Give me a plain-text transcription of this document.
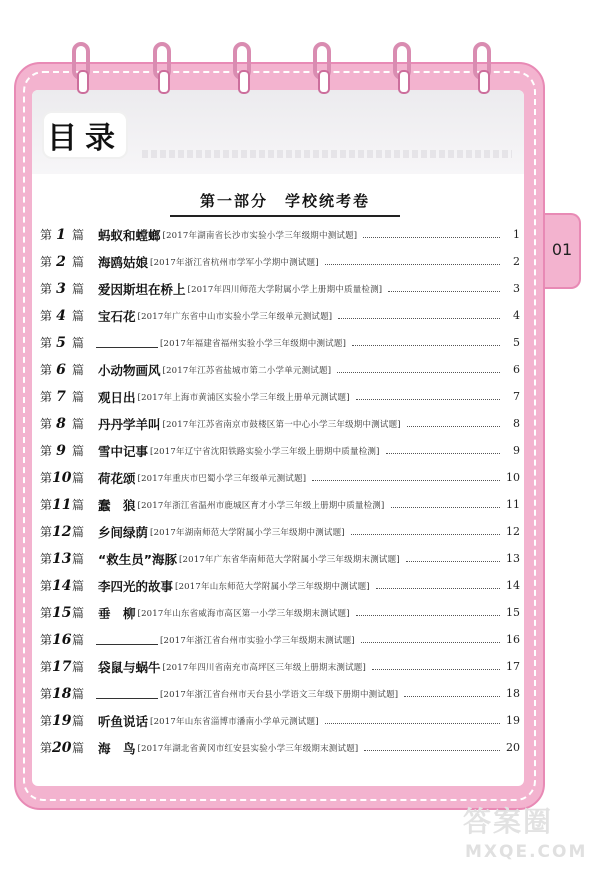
目录
第一部分　学校统考卷
01
第 1 篇 蚂蚁和螳螂 [2017年湖南省长沙市实验小学三年级期中测试题]	1
第 2 篇 海鸥姑娘 [2017年浙江省杭州市学军小学期中测试题]	2
第 3 篇 爱因斯坦在桥上 [2017年四川师范大学附属小学上册期中质量检测]	3
第 4 篇 宝石花 [2017年广东省中山市实验小学三年级单元测试题]	4
第 5 篇	[2017年福建省福州实验小学三年级期中测试题]	5
第 6 篇 小动物画风 [2017年江苏省盐城市第二小学单元测试题]	6
第 7 篇 观日出 [2017年上海市黄浦区实验小学三年级上册单元测试题]	7
第 8 篇 丹丹学羊叫 [2017年江苏省南京市鼓楼区第一中心小学三年级期中测试题]	8
第 9 篇 雪中记事 [2017年辽宁省沈阳铁路实验小学三年级上册期中质量检测]	9
第 10 篇 荷花颂 [2017年重庆市巴蜀小学三年级单元测试题]	10
第 11 篇 蠢　狼 [2017年浙江省温州市鹿城区育才小学三年级上册期中质量检测]	11
第 12 篇 乡间绿荫 [2017年湖南师范大学附属小学三年级期中测试题]	12
第 13 篇 “救生员”海豚 [2017年广东省华南师范大学附属小学三年级期末测试题]	13
第 14 篇 李四光的故事 [2017年山东师范大学附属小学三年级期中测试题]	14
第 15 篇 垂　柳 [2017年山东省威海市高区第一小学三年级期末测试题]	15
第 16 篇	[2017年浙江省台州市实验小学三年级期末测试题]	16
第 17 篇 袋鼠与蜗牛 [2017年四川省南充市高坪区三年级上册期末测试题]	17
第 18 篇	[2017年浙江省台州市天台县小学语文三年级下册期中测试题]	18
第 19 篇 听鱼说话 [2017年山东省淄博市潘南小学单元测试题]	19
第 20 篇 海　鸟 [2017年湖北省黄冈市红安县实验小学三年级期末测试题]	20
答案圈
MXQE.COM
